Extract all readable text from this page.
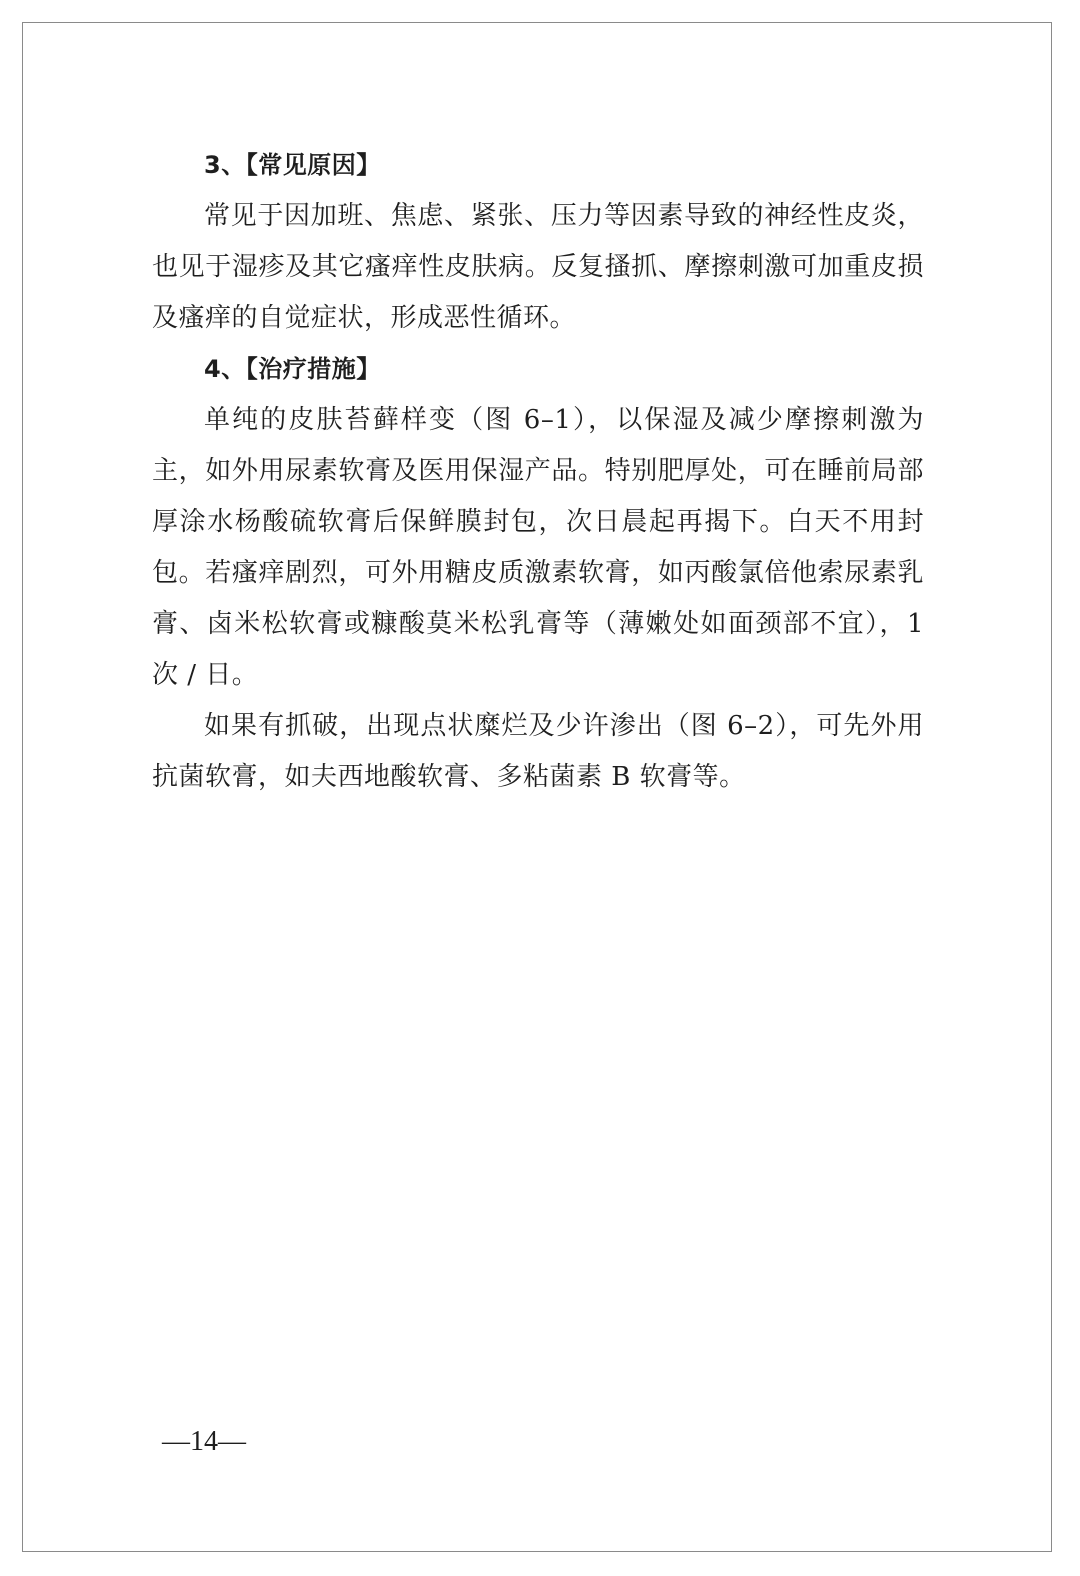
3、【常见原因】

常见于因加班、焦虑、紧张、压力等因素导致的神经性皮炎，也见于湿疹及其它瘙痒性皮肤病。反复搔抓、摩擦刺激可加重皮损及瘙痒的自觉症状，形成恶性循环。

4、【治疗措施】

单纯的皮肤苔藓样变（图 6–1），以保湿及减少摩擦刺激为主，如外用尿素软膏及医用保湿产品。特别肥厚处，可在睡前局部厚涂水杨酸硫软膏后保鲜膜封包，次日晨起再揭下。白天不用封包。若瘙痒剧烈，可外用糖皮质激素软膏，如丙酸氯倍他索尿素乳膏、卤米松软膏或糠酸莫米松乳膏等（薄嫩处如面颈部不宜），1 次 / 日。

如果有抓破，出现点状糜烂及少许渗出（图 6–2），可先外用抗菌软膏，如夫西地酸软膏、多粘菌素 B 软膏等。

—14—
